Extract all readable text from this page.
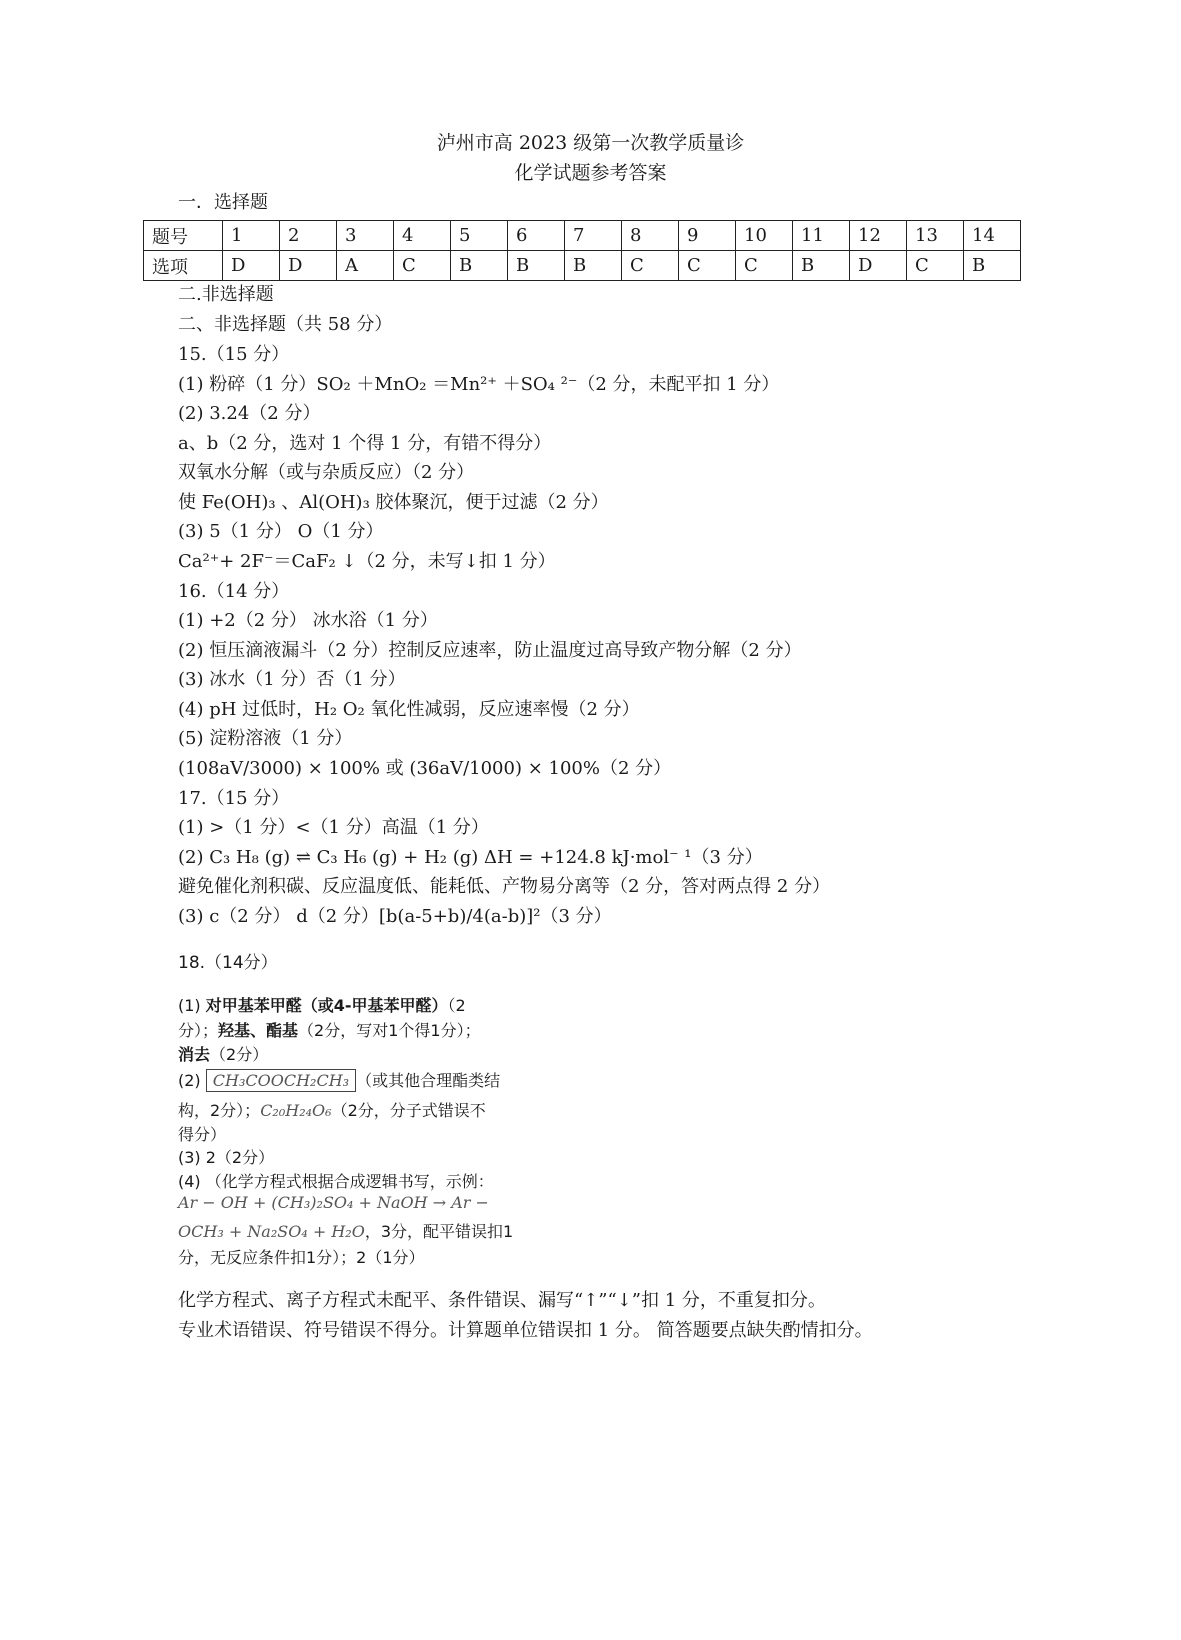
泸州市高 2023 级第一次教学质量诊
化学试题参考答案
一．选择题
题号	1	2	3	4	5	6	7	8	9	10	11	12	13	14
选项	D	D	A	C	B	B	B	C	C	C	B	D	C	B
二.非选择题
二、非选择题（共 58 分）
15.（15 分）
(1) 粉碎（1 分）SO₂ ＋MnO₂ ＝Mn²⁺ ＋SO₄ ²⁻（2 分，未配平扣 1 分）
(2) 3.24（2 分）
a、b（2 分，选对 1 个得 1 分，有错不得分）
双氧水分解（或与杂质反应）（2 分）
使 Fe(OH)₃ 、Al(OH)₃ 胶体聚沉，便于过滤（2 分）
(3) 5（1 分） O（1 分）
Ca²⁺+ 2F⁻＝CaF₂ ↓（2 分，未写↓扣 1 分）
16.（14 分）
(1) +2（2 分） 冰水浴（1 分）
(2) 恒压滴液漏斗（2 分）控制反应速率，防止温度过高导致产物分解（2 分）
(3) 冰水（1 分）否（1 分）
(4) pH 过低时，H₂ O₂ 氧化性减弱，反应速率慢（2 分）
(5) 淀粉溶液（1 分）
(108aV/3000) × 100% 或 (36aV/1000) × 100%（2 分）
17.（15 分）
(1) >（1 分）<（1 分）高温（1 分）
(2) C₃ H₈ (g) ⇌ C₃ H₆ (g) + H₂ (g) ΔH = +124.8 kJ·mol⁻ ¹（3 分）
避免催化剂积碳、反应温度低、能耗低、产物易分离等（2 分，答对两点得 2 分）
(3) c（2 分） d（2 分）[b(a-5+b)/4(a-b)]²（3 分）
18.（14分）
(1) 对甲基苯甲醛（或4-甲基苯甲醛）（2
分）；羟基、酯基（2分，写对1个得1分）；
消去（2分）
(2) CH₃COOCH₂CH₃ （或其他合理酯类结
构，2分）；C₂₀H₂₄O₆（2分，分子式错误不
得分）
(3) 2（2分）
(4) （化学方程式根据合成逻辑书写，示例：
Ar − OH + (CH₃)₂SO₄ + NaOH → Ar −
OCH₃ + Na₂SO₄ + H₂O，3分，配平错误扣1
分，无反应条件扣1分）；2（1分）
化学方程式、离子方程式未配平、条件错误、漏写“↑”“↓”扣 1 分，不重复扣分。
专业术语错误、符号错误不得分。计算题单位错误扣 1 分。 简答题要点缺失酌情扣分。
